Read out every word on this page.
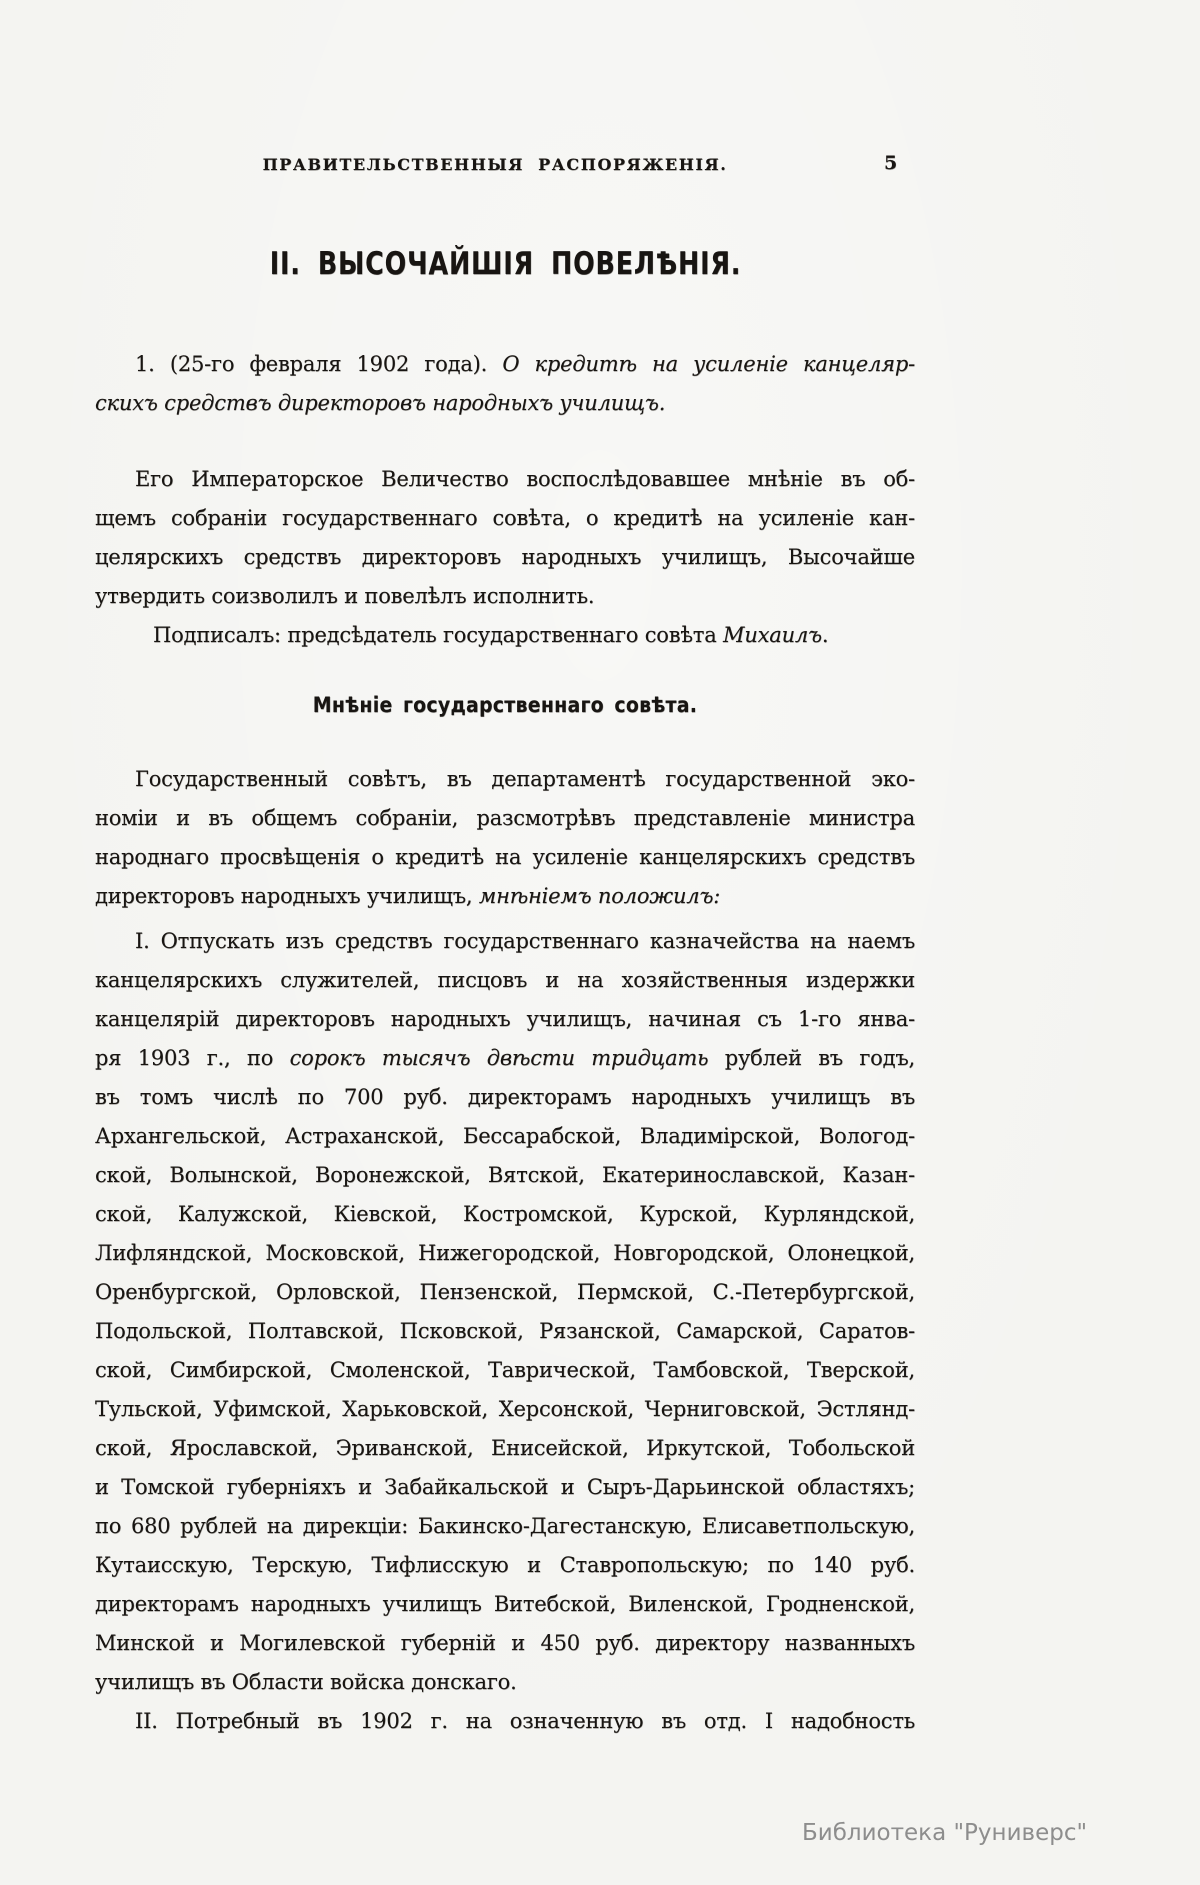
ПРАВИТЕЛЬСТВЕННЫЯ РАСПОРЯЖЕНІЯ.	5
II. ВЫСОЧАЙШІЯ ПОВЕЛѢНІЯ.
1. (25-го февраля 1902 года). О кредитѣ на усиленіе канцеляр-
скихъ средствъ директоровъ народныхъ училищъ.
Его Императорское Величество воспослѣдовавшее мнѣніе въ об-
щемъ собраніи государственнаго совѣта, о кредитѣ на усиленіе кан-
целярскихъ средствъ директоровъ народныхъ училищъ, Высочайше
утвердить соизволилъ и повелѣлъ исполнить.
Подписалъ: предсѣдатель государственнаго совѣта Михаилъ.
Мнѣніе государственнаго совѣта.
Государственный совѣтъ, въ департаментѣ государственной эко-
номіи и въ общемъ собраніи, разсмотрѣвъ представленіе министра
народнаго просвѣщенія о кредитѣ на усиленіе канцелярскихъ средствъ
директоровъ народныхъ училищъ, мнѣніемъ положилъ:
I. Отпускать изъ средствъ государственнаго казначейства на наемъ
канцелярскихъ служителей, писцовъ и на хозяйственныя издержки
канцелярій директоровъ народныхъ училищъ, начиная съ 1-го янва-
ря 1903 г., по сорокъ тысячъ двѣсти тридцать рублей въ годъ,
въ томъ числѣ по 700 руб. директорамъ народныхъ училищъ въ
Архангельской, Астраханской, Бессарабской, Владимірской, Вологод-
ской, Волынской, Воронежской, Вятской, Екатеринославской, Казан-
ской, Калужской, Кіевской, Костромской, Курской, Курляндской,
Лифляндской, Московской, Нижегородской, Новгородской, Олонецкой,
Оренбургской, Орловской, Пензенской, Пермской, С.-Петербургской,
Подольской, Полтавской, Псковской, Рязанской, Самарской, Саратов-
ской, Симбирской, Смоленской, Таврической, Тамбовской, Тверской,
Тульской, Уфимской, Харьковской, Херсонской, Черниговской, Эстлянд-
ской, Ярославской, Эриванской, Енисейской, Иркутской, Тобольской
и Томской губерніяхъ и Забайкальской и Сыръ-Дарьинской областяхъ;
по 680 рублей на дирекціи: Бакинско-Дагестанскую, Елисаветпольскую,
Кутаисскую, Терскую, Тифлисскую и Ставропольскую; по 140 руб.
директорамъ народныхъ училищъ Витебской, Виленской, Гродненской,
Минской и Могилевской губерній и 450 руб. директору названныхъ
училищъ въ Области войска донскаго.
II. Потребный въ 1902 г. на означенную въ отд. I надобность
Библиотека "Руниверс"
